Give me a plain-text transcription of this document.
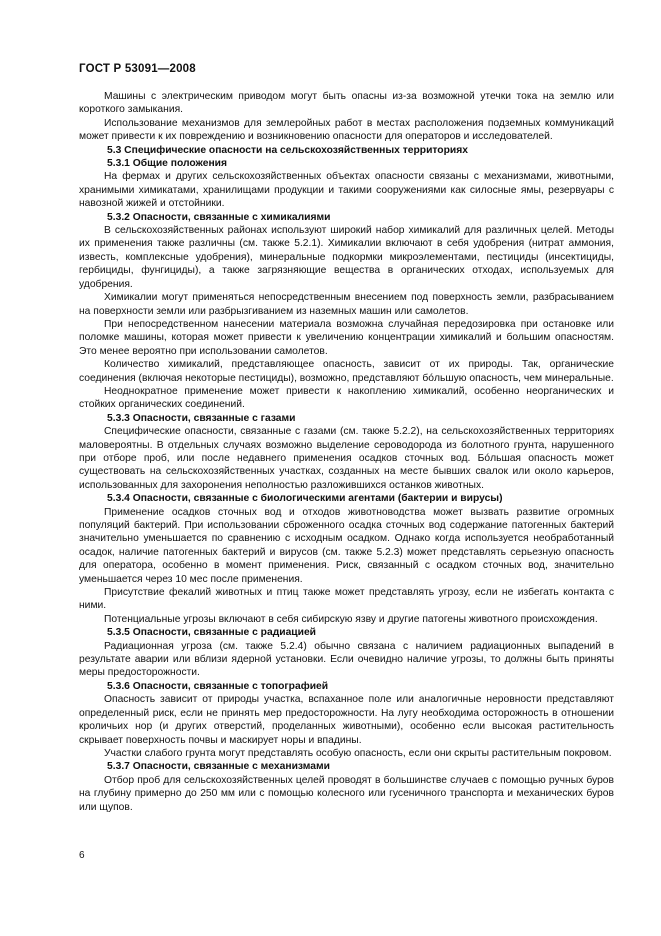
ГОСТ Р 53091—2008

Машины с электрическим приводом могут быть опасны из-за возможной утечки тока на землю или короткого замыкания.

Использование механизмов для землеройных работ в местах расположения подземных коммуникаций может привести к их повреждению и возникновению опасности для операторов и исследователей.

5.3 Специфические опасности на сельскохозяйственных территориях

5.3.1 Общие положения

На фермах и других сельскохозяйственных объектах опасности связаны с механизмами, животными, хранимыми химикатами, хранилищами продукции и такими сооружениями как силосные ямы, резервуары с навозной жижей и отстойники.

5.3.2 Опасности, связанные с химикалиями

В сельскохозяйственных районах используют широкий набор химикалий для различных целей. Методы их применения также различны (см. также 5.2.1). Химикалии включают в себя удобрения (нитрат аммония, известь, комплексные удобрения), минеральные подкормки микроэлементами, пестициды (инсектициды, гербициды, фунгициды), а также загрязняющие вещества в органических отходах, используемых для удобрения.

Химикалии могут применяться непосредственным внесением под поверхность земли, разбрасыванием на поверхности земли или разбрызгиванием из наземных машин или самолетов.

При непосредственном нанесении материала возможна случайная передозировка при остановке или поломке машины, которая может привести к увеличению концентрации химикалий и большим опасностям. Это менее вероятно при использовании самолетов.

Количество химикалий, представляющее опасность, зависит от их природы. Так, органические соединения (включая некоторые пестициды), возможно, представляют бóльшую опасность, чем минеральные.

Неоднократное применение может привести к накоплению химикалий, особенно неорганических и стойких органических соединений.

5.3.3 Опасности, связанные с газами

Специфические опасности, связанные с газами (см. также 5.2.2), на сельскохозяйственных территориях маловероятны. В отдельных случаях возможно выделение сероводорода из болотного грунта, нарушенного при отборе проб, или после недавнего применения осадков сточных вод. Бóльшая опасность может существовать на сельскохозяйственных участках, созданных на месте бывших свалок или около карьеров, использованных для захоронения неполностью разложившихся останков животных.

5.3.4 Опасности, связанные с биологическими агентами (бактерии и вирусы)

Применение осадков сточных вод и отходов животноводства может вызвать развитие огромных популяций бактерий. При использовании сброженного осадка сточных вод содержание патогенных бактерий значительно уменьшается по сравнению с исходным осадком. Однако когда используется необработанный осадок, наличие патогенных бактерий и вирусов (см. также 5.2.3) может представлять серьезную опасность для оператора, особенно в момент применения. Риск, связанный с осадком сточных вод, значительно уменьшается через 10 мес после применения.

Присутствие фекалий животных и птиц также может представлять угрозу, если не избегать контакта с ними.

Потенциальные угрозы включают в себя сибирскую язву и другие патогены животного происхождения.

5.3.5 Опасности, связанные с радиацией

Радиационная угроза (см. также 5.2.4) обычно связана с наличием радиационных выпадений в результате аварии или вблизи ядерной установки. Если очевидно наличие угрозы, то должны быть приняты меры предосторожности.

5.3.6 Опасности, связанные с топографией

Опасность зависит от природы участка, вспаханное поле или аналогичные неровности представляют определенный риск, если не принять мер предосторожности. На лугу необходима осторожность в отношении кроличьих нор (и других отверстий, проделанных животными), особенно если высокая растительность скрывает поверхность почвы и маскирует норы и впадины.

Участки слабого грунта могут представлять особую опасность, если они скрыты растительным покровом.

5.3.7 Опасности, связанные с механизмами

Отбор проб для сельскохозяйственных целей проводят в большинстве случаев с помощью ручных буров на глубину примерно до 250 мм или с помощью колесного или гусеничного транспорта и механических буров или щупов.

6
